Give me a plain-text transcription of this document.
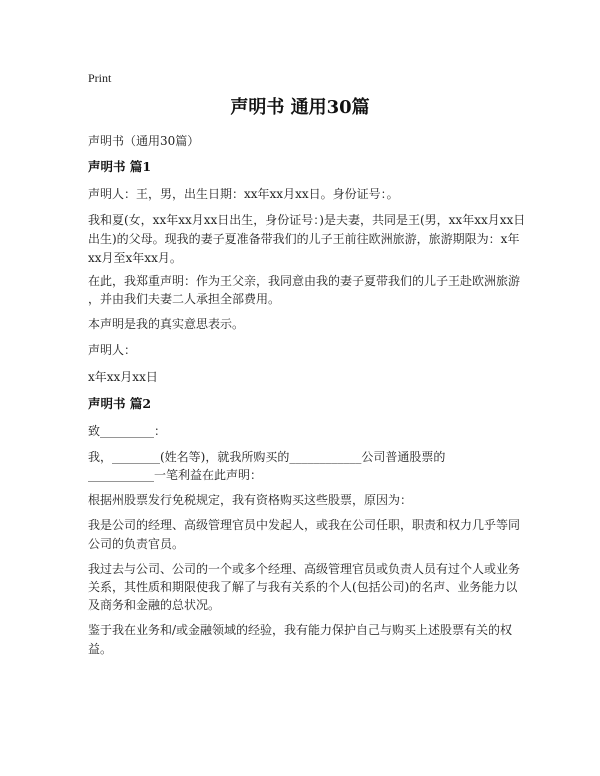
Print
声明书 通用30篇
声明书（通用30篇）
声明书 篇1
声明人：王，男，出生日期：xx年xx月xx日。身份证号：。
我和夏(女，xx年xx月xx日出生，身份证号：)是夫妻，共同是王(男，xx年xx月xx日
出生)的父母。现我的妻子夏准备带我们的儿子王前往欧洲旅游，旅游期限为：x年
xx月至x年xx月。
在此，我郑重声明：作为王父亲，我同意由我的妻子夏带我们的儿子王赴欧洲旅游
，并由我们夫妻二人承担全部费用。
本声明是我的真实意思表示。
声明人：
x年xx月xx日
声明书 篇2
致_________：
我，________(姓名等)，就我所购买的____________公司普通股票的
___________一笔利益在此声明：
根据州股票发行免税规定，我有资格购买这些股票，原因为：
我是公司的经理、高级管理官员中发起人，或我在公司任职，职责和权力几乎等同
公司的负责官员。
我过去与公司、公司的一个或多个经理、高级管理官员或负责人员有过个人或业务
关系，其性质和期限使我了解了与我有关系的个人(包括公司)的名声、业务能力以
及商务和金融的总状况。
鉴于我在业务和/或金融领域的经验，我有能力保护自己与购买上述股票有关的权
益。
